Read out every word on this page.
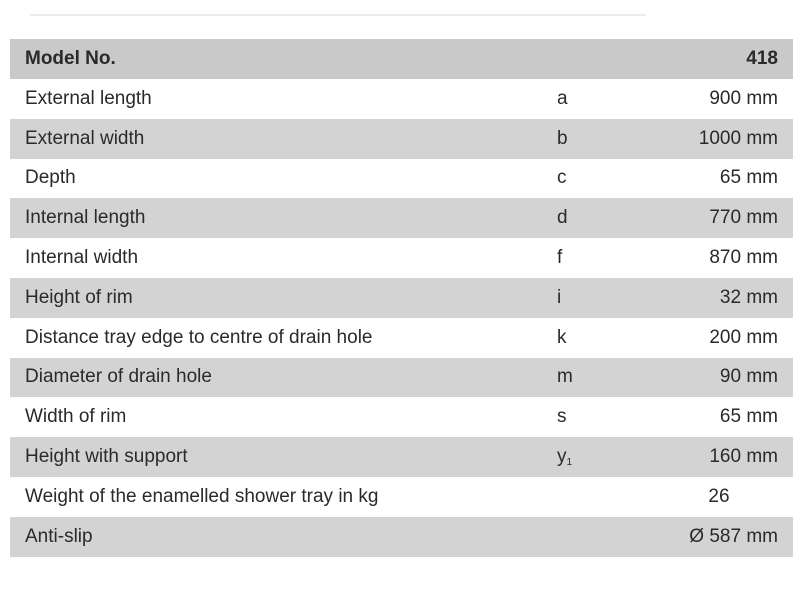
Model No.	418
External length	a	900 mm
External width	b	1000 mm
Depth	c	65 mm
Internal length	d	770 mm
Internal width	f	870 mm
Height of rim	i	32 mm
Distance tray edge to centre of drain hole	k	200 mm
Diameter of drain hole	m	90 mm
Width of rim	s	65 mm
Height with support	$y_1$	160 mm
Weight of the enamelled shower tray in kg	26
Anti-slip	Ø 587 mm
